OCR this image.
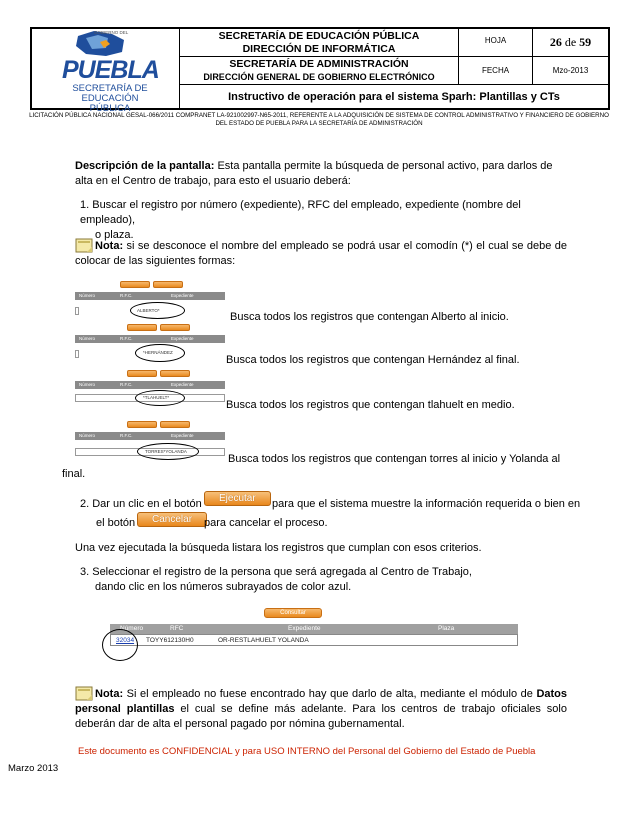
SECRETARÍA DE EDUCACIÓN PÚBLICA
DIRECCIÓN DE INFORMÁTICA
SECRETARÍA DE ADMINISTRACIÓN
DIRECCIÓN GENERAL DE GOBIERNO ELECTRÓNICO
HOJA	26
de
59
FECHA	Mzo-2013
Instructivo de operación para el sistema Sparh: Plantillas y CTs
GOBIERNO DEL
PUEBLA
SECRETARÍA DE
EDUCACIÓN PÚBLICA
LICITACIÓN PÚBLICA NACIONAL GESAL-066/2011 COMPRANET LA-921002997-N65-2011, REFERENTE A LA ADQUISICIÓN DE SISTEMA DE CONTROL ADMINISTRATIVO Y FINANCIERO DE GOBIERNO
DEL ESTADO DE PUEBLA PARA LA SECRETARÍA DE ADMINISTRACIÓN
Descripción de la pantalla: Esta pantalla permite la búsqueda de personal activo, para darlos de alta en el Centro de trabajo, para esto el usuario deberá:
1. Buscar el registro por número (expediente), RFC del empleado, expediente (nombre del empleado),
o plaza.
Nota: si se desconoce el nombre del empleado se podrá usar el comodín (*) el cual se debe de colocar de las siguientes formas:
Número	R.F.C.	Expediente
ALBERTO*
Busca todos los registros que contengan Alberto al inicio.
Número	R.F.C.	Expediente
*HERNÁNDEZ
Busca todos los registros que contengan Hernández al final.
Número	R.F.C.	Expediente
*TLAHUELT*
Busca todos los registros que contengan tlahuelt en medio.
Número	R.F.C.	Expediente
TORRES*YOLANDA
Busca todos los registros que contengan torres al inicio y Yolanda al
final.
2. Dar un clic en el botón	Ejecutar	para que el sistema muestre la información requerida o bien en
el botón	Cancelar	para cancelar el proceso.
Una vez ejecutada la búsqueda listara los registros que cumplan con esos criterios.
3. Seleccionar el registro de la persona que será agregada al Centro de Trabajo,
dando clic en los números subrayados de color azul.
Consultar
Número	RFC	Expediente	Plaza
32034 TOYY612130H0	OR-RESTLAHUELT YOLANDA
Nota: Si el empleado no fuese encontrado hay que darlo de alta, mediante el módulo de Datos personal plantillas el cual se define más adelante. Para los centros de trabajo oficiales solo deberán dar de alta el personal pagado por nómina gubernamental.
Este documento es CONFIDENCIAL y para USO INTERNO del Personal del Gobierno del Estado de Puebla
Marzo 2013
